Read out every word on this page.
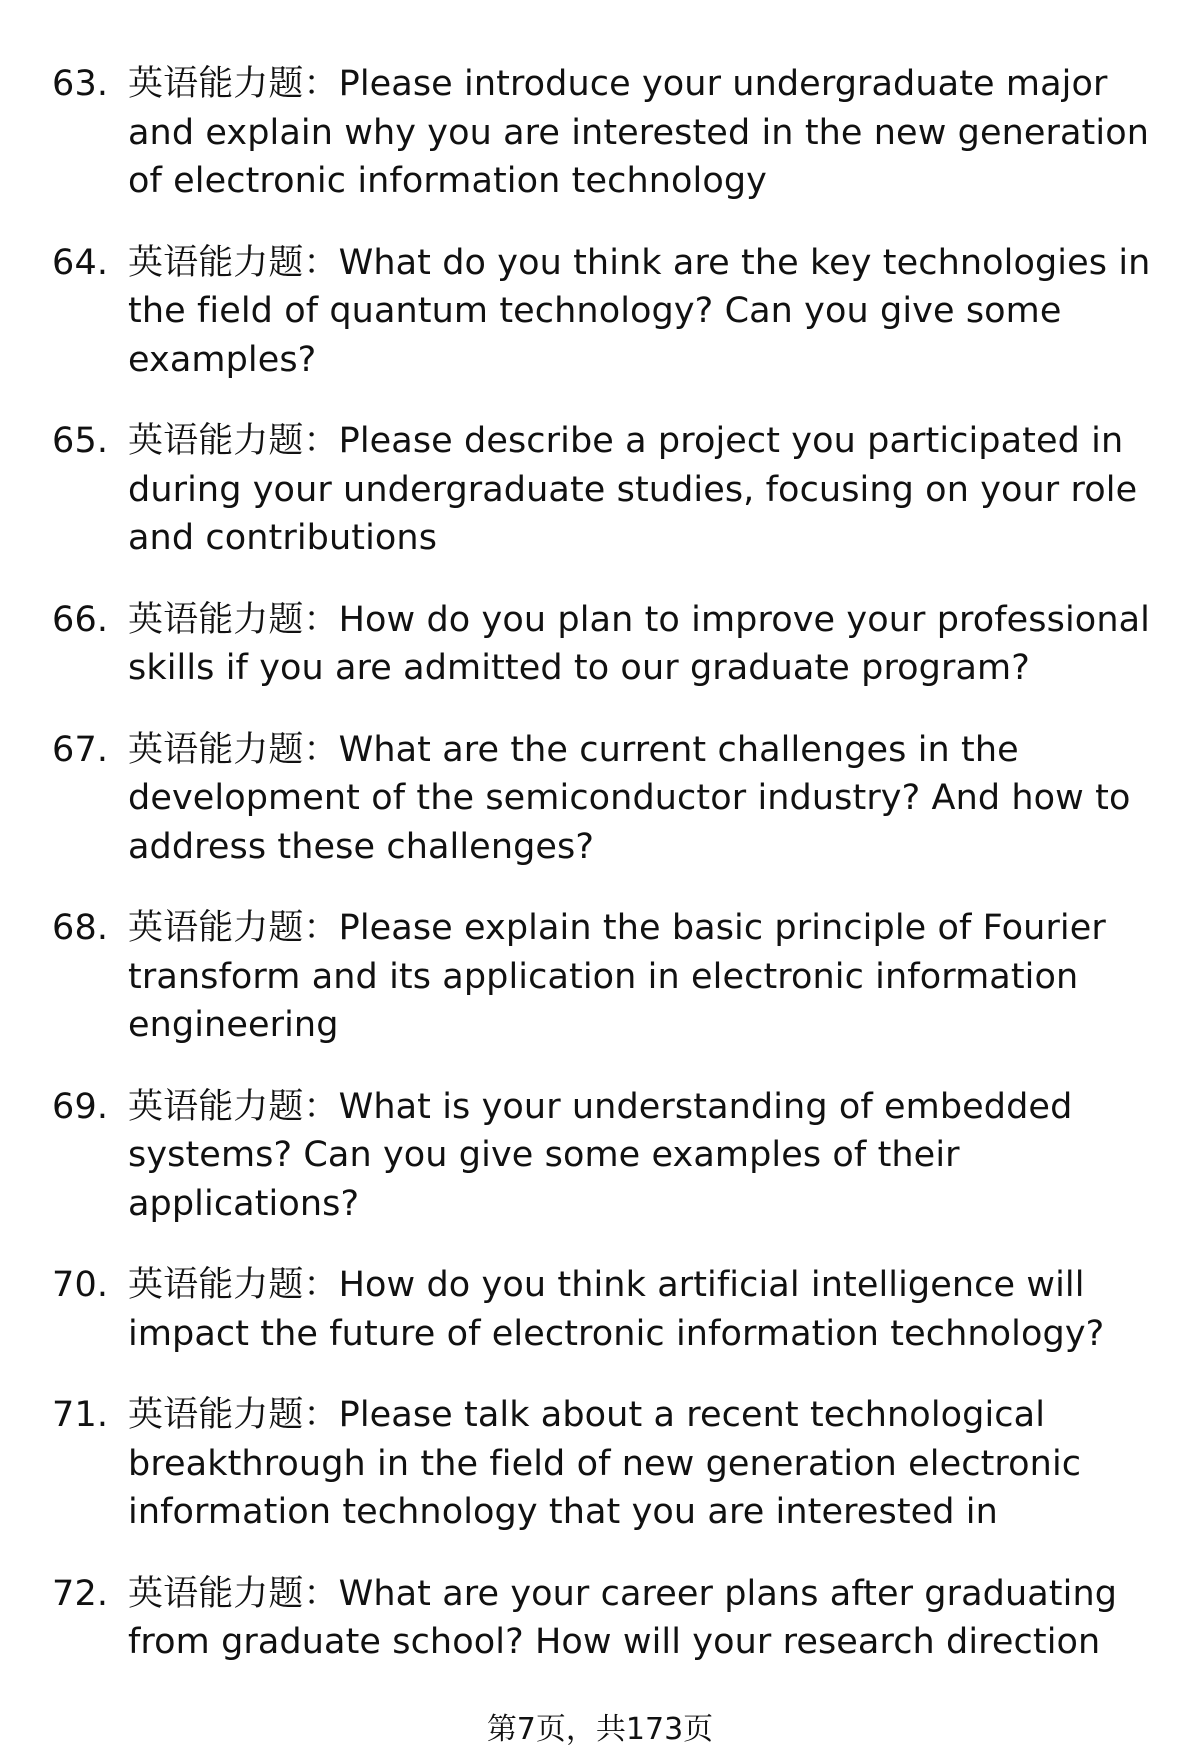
63. 英语能力题：Please introduce your undergraduate major and explain why you are interested in the new generation of electronic information technology
64. 英语能力题：What do you think are the key technologies in the field of quantum technology? Can you give some examples?
65. 英语能力题：Please describe a project you participated in during your undergraduate studies, focusing on your role and contributions
66. 英语能力题：How do you plan to improve your professional skills if you are admitted to our graduate program?
67. 英语能力题：What are the current challenges in the development of the semiconductor industry? And how to address these challenges?
68. 英语能力题：Please explain the basic principle of Fourier transform and its application in electronic information engineering
69. 英语能力题：What is your understanding of embedded systems? Can you give some examples of their applications?
70. 英语能力题：How do you think artificial intelligence will impact the future of electronic information technology?
71. 英语能力题：Please talk about a recent technological breakthrough in the field of new generation electronic information technology that you are interested in
72. 英语能力题：What are your career plans after graduating from graduate school? How will your research direction
第7页，共173页
